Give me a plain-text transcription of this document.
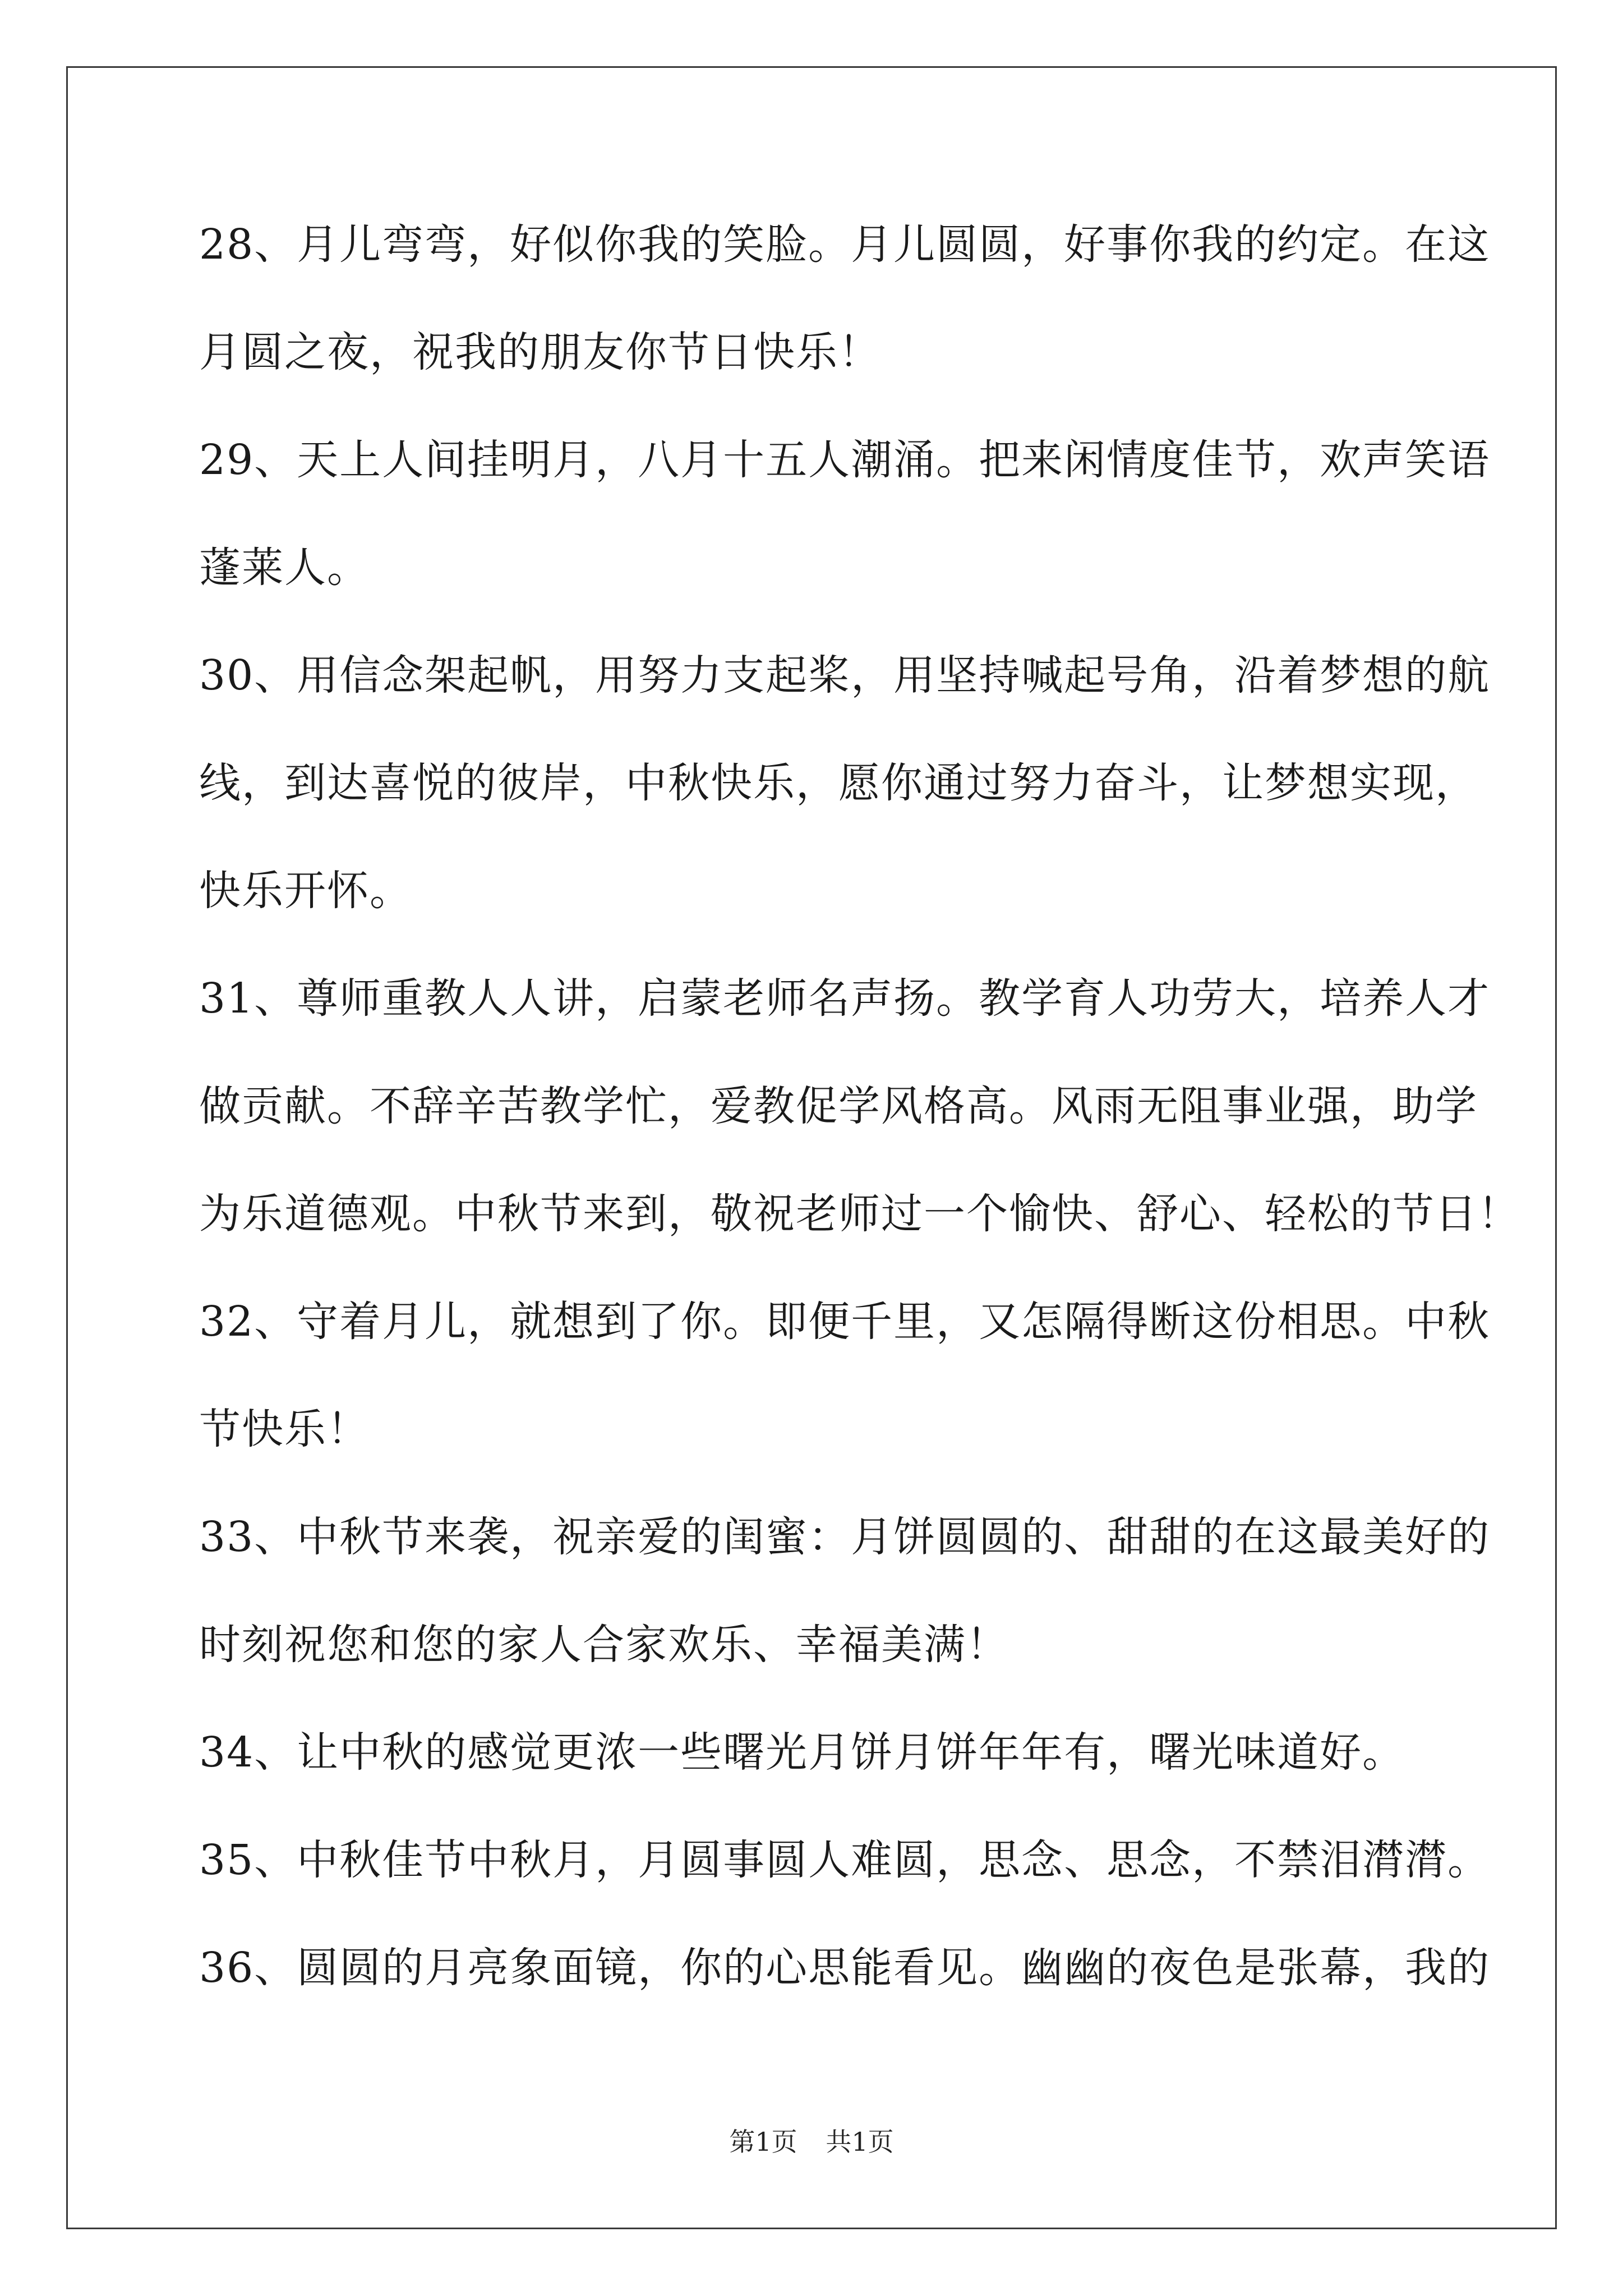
28、月儿弯弯，好似你我的笑脸。月儿圆圆，好事你我的约定。在这
月圆之夜，祝我的朋友你节日快乐！
29、天上人间挂明月，八月十五人潮涌。把来闲情度佳节，欢声笑语
蓬莱人。
30、用信念架起帆，用努力支起桨，用坚持喊起号角，沿着梦想的航
线，到达喜悦的彼岸，中秋快乐，愿你通过努力奋斗，让梦想实现，
快乐开怀。
31、尊师重教人人讲，启蒙老师名声扬。教学育人功劳大，培养人才
做贡献。不辞辛苦教学忙，爱教促学风格高。风雨无阻事业强，助学
为乐道德观。中秋节来到，敬祝老师过一个愉快、舒心、轻松的节日！
32、守着月儿，就想到了你。即便千里，又怎隔得断这份相思。中秋
节快乐！
33、中秋节来袭，祝亲爱的闺蜜：月饼圆圆的、甜甜的在这最美好的
时刻祝您和您的家人合家欢乐、幸福美满！
34、让中秋的感觉更浓一些曙光月饼月饼年年有，曙光味道好。
35、中秋佳节中秋月，月圆事圆人难圆，思念、思念，不禁泪潸潸。
36、圆圆的月亮象面镜，你的心思能看见。幽幽的夜色是张幕，我的
第1页 共1页
